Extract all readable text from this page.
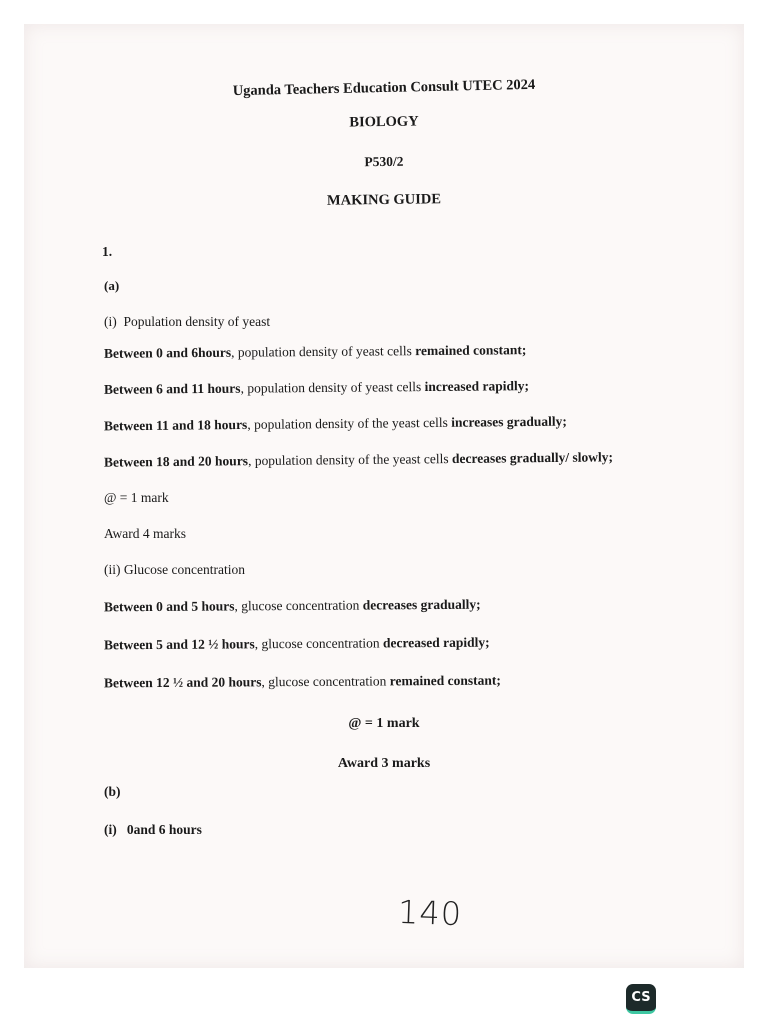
Uganda Teachers Education Consult UTEC 2024
BIOLOGY
P530/2
MAKING GUIDE
1.
(a)
(i)  Population density of yeast
Between 0 and 6hours, population density of yeast cells remained constant;
Between 6 and 11 hours, population density of yeast cells increased rapidly;
Between 11 and 18 hours, population density of the yeast cells increases gradually;
Between 18 and 20 hours, population density of the yeast cells decreases gradually/ slowly;
@ = 1 mark
Award 4 marks
(ii) Glucose concentration
Between 0 and 5 hours, glucose concentration decreases gradually;
Between 5 and 12 ½ hours, glucose concentration decreased rapidly;
Between 12 ½ and 20 hours, glucose concentration remained constant;
@ = 1 mark
Award 3 marks
(b)
(i)   0and 6 hours
140
CS
